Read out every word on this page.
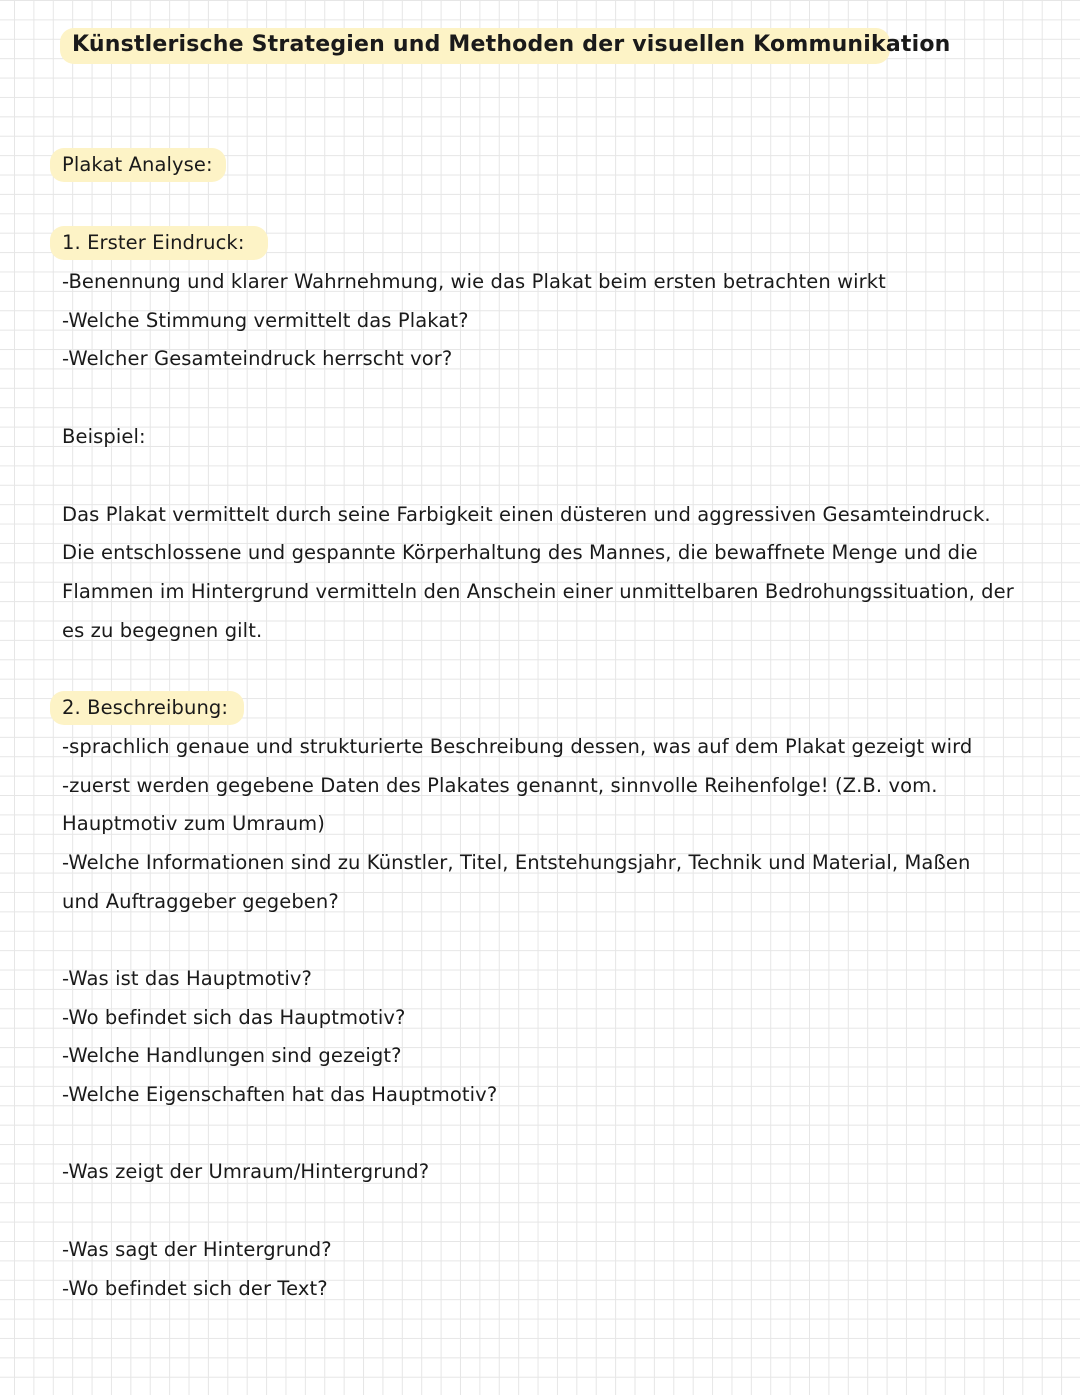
Künstlerische Strategien und Methoden der visuellen Kommunikation
Plakat Analyse:
1. Erster Eindruck:
-Benennung und klarer Wahrnehmung, wie das Plakat beim ersten betrachten wirkt
-Welche Stimmung vermittelt das Plakat?
-Welcher Gesamteindruck herrscht vor?
Beispiel:
Das Plakat vermittelt durch seine Farbigkeit einen düsteren und aggressiven Gesamteindruck.
Die entschlossene und gespannte Körperhaltung des Mannes, die bewaffnete Menge und die
Flammen im Hintergrund vermitteln den Anschein einer unmittelbaren Bedrohungssituation, der
es zu begegnen gilt.
2. Beschreibung:
-sprachlich genaue und strukturierte Beschreibung dessen, was auf dem Plakat gezeigt wird
-zuerst werden gegebene Daten des Plakates genannt, sinnvolle Reihenfolge! (Z.B. vom.
Hauptmotiv zum Umraum)
-Welche Informationen sind zu Künstler, Titel, Entstehungsjahr, Technik und Material, Maßen
und Auftraggeber gegeben?
-Was ist das Hauptmotiv?
-Wo befindet sich das Hauptmotiv?
-Welche Handlungen sind gezeigt?
-Welche Eigenschaften hat das Hauptmotiv?
-Was zeigt der Umraum/Hintergrund?
-Was sagt der Hintergrund?
-Wo befindet sich der Text?
